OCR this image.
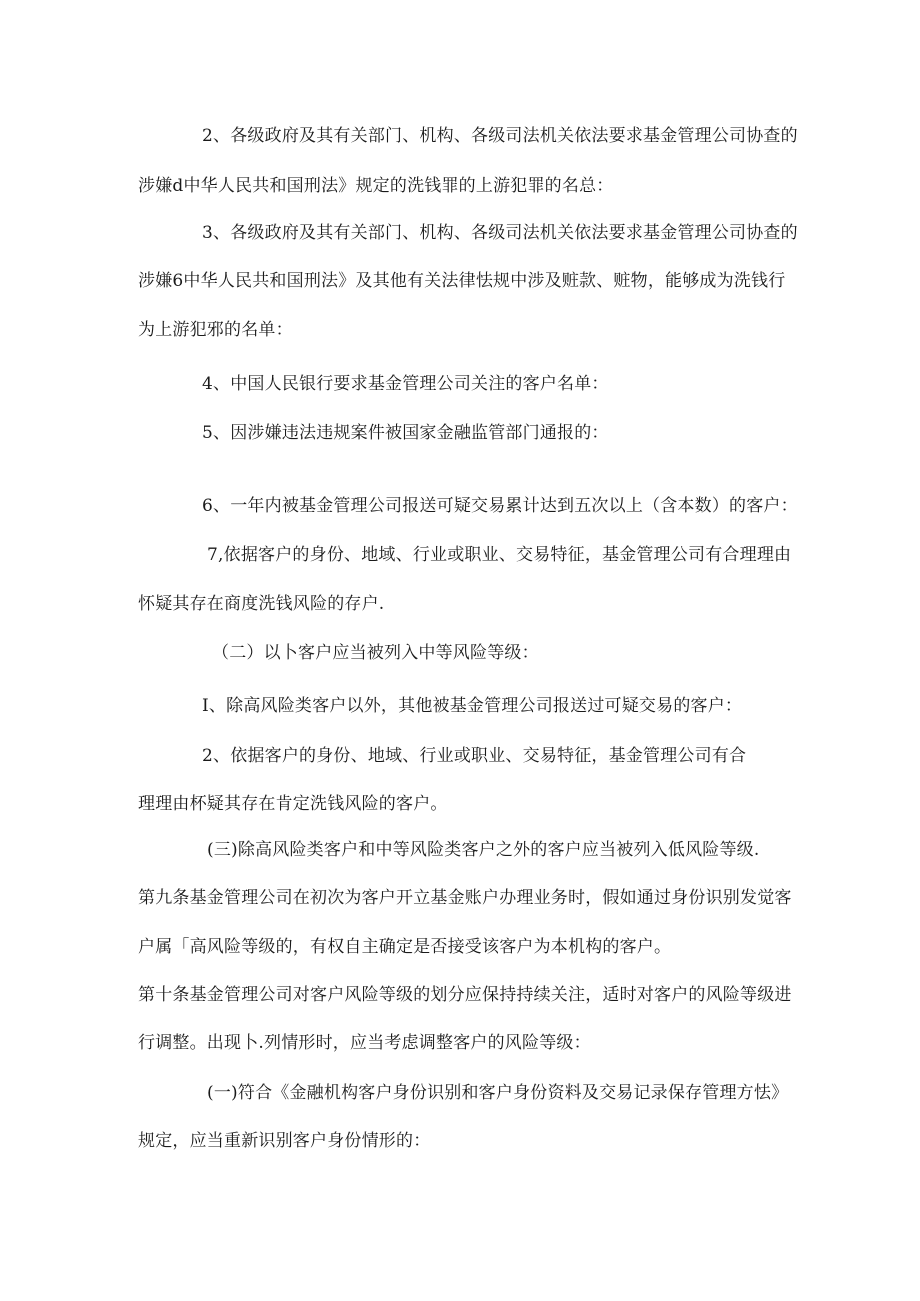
2、各级政府及其有关部门、机构、各级司法机关依法要求基金管理公司协查的
涉嫌d中华人民共和国刑法》规定的洗钱罪的上游犯罪的名总：
3、各级政府及其有关部门、机构、各级司法机关依法要求基金管理公司协查的
涉嫌6中华人民共和国刑法》及其他有关法律怯规中涉及赃款、赃物，能够成为洗钱行
为上游犯邪的名单：
4、中国人民银行要求基金管理公司关注的客户名单：
5、因涉嫌违法违规案件被国家金融监管部门通报的：
6、一年内被基金管理公司报送可疑交易累计达到五次以上（含本数）的客户：
7,依据客户的身份、地域、行业或职业、交易特征，基金管理公司有合理理由
怀疑其存在商度洗钱风险的存户.
（二）以卜客户应当被列入中等风险等级：
I、除高风险类客户以外，其他被基金管理公司报送过可疑交易的客户：
2、依据客户的身份、地域、行业或职业、交易特征，基金管理公司有合
理理由杯疑其存在肯定洗钱风险的客户。
(三)除高风险类客户和中等风险类客户之外的客户应当被列入低风险等级.
第九条基金管理公司在初次为客户开立基金账户办理业务时，假如通过身份识别发觉客
户属「高风险等级的，有权自主确定是否接受该客户为本机构的客户。
第十条基金管理公司对客户风险等级的划分应保持持续关注，适时对客户的风险等级进
行调整。出现卜.列情形时，应当考虑调整客户的风险等级：
(一)符合《金融机构客户身份识别和客户身份资料及交易记录保存管理方怯》
规定，应当重新识别客户身份情形的：
